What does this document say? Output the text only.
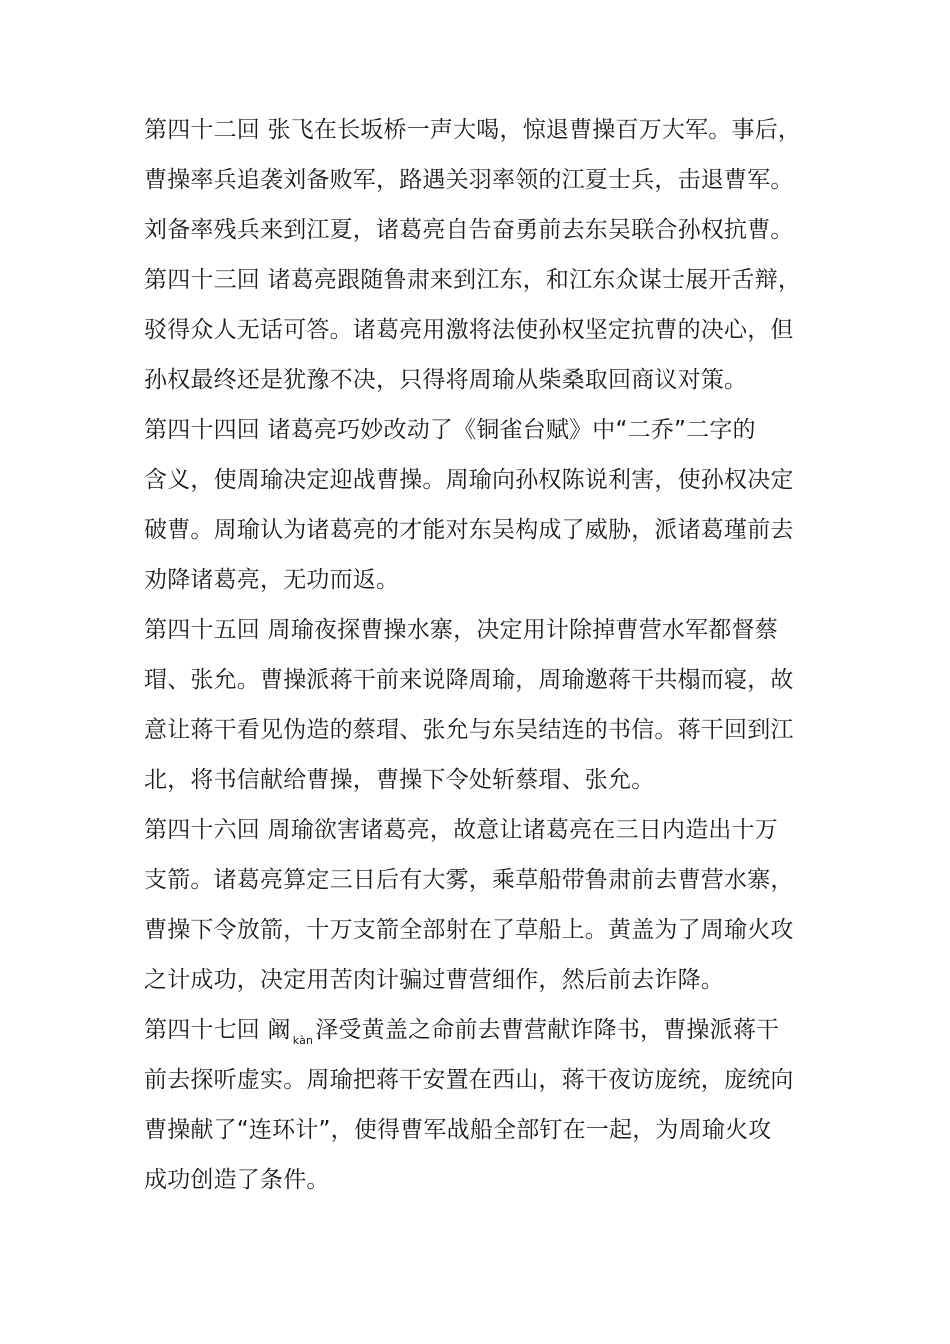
第四十二回 张飞在长坂桥一声大喝，惊退曹操百万大军。事后，
曹操率兵追袭刘备败军，路遇关羽率领的江夏士兵，击退曹军。
刘备率残兵来到江夏，诸葛亮自告奋勇前去东吴联合孙权抗曹。
第四十三回 诸葛亮跟随鲁肃来到江东，和江东众谋士展开舌辩，
驳得众人无话可答。诸葛亮用激将法使孙权坚定抗曹的决心，但
孙权最终还是犹豫不决，只得将周瑜从柴桑取回商议对策。
第四十四回 诸葛亮巧妙改动了《铜雀台赋》中“二乔”二字的
含义，使周瑜决定迎战曹操。周瑜向孙权陈说利害，使孙权决定
破曹。周瑜认为诸葛亮的才能对东吴构成了威胁，派诸葛瑾前去
劝降诸葛亮，无功而返。
第四十五回 周瑜夜探曹操水寨，决定用计除掉曹营水军都督蔡
瑁、张允。曹操派蒋干前来说降周瑜，周瑜邀蒋干共榻而寝，故
意让蒋干看见伪造的蔡瑁、张允与东吴结连的书信。蒋干回到江
北，将书信献给曹操，曹操下令处斩蔡瑁、张允。
第四十六回 周瑜欲害诸葛亮，故意让诸葛亮在三日内造出十万
支箭。诸葛亮算定三日后有大雾，乘草船带鲁肃前去曹营水寨，
曹操下令放箭，十万支箭全部射在了草船上。黄盖为了周瑜火攻
之计成功，决定用苦肉计骗过曹营细作，然后前去诈降。
第四十七回 阚 $_{kàn}$泽受黄盖之命前去曹营献诈降书，曹操派蒋干
前去探听虚实。周瑜把蒋干安置在西山，蒋干夜访庞统，庞统向
曹操献了“连环计”，使得曹军战船全部钉在一起，为周瑜火攻
成功创造了条件。
